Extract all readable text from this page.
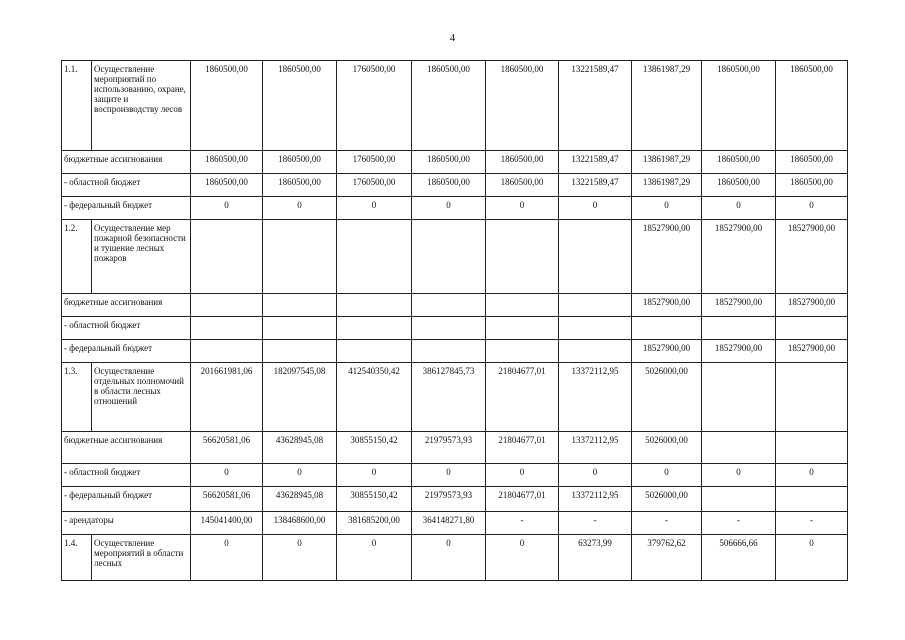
4
1.1.	Осуществление мероприятий по использованию, охране, защите и воспроизводству лесов	1860500,00	1860500,00	1760500,00	1860500,00	1860500,00	13221589,47	13861987,29	1860500,00	1860500,00
бюджетные ассигнования		1860500,00	1860500,00	1760500,00	1860500,00	1860500,00	13221589,47	13861987,29	1860500,00	1860500,00
- областной бюджет		1860500,00	1860500,00	1760500,00	1860500,00	1860500,00	13221589,47	13861987,29	1860500,00	1860500,00
- федеральный бюджет		0	0	0	0	0	0	0	0	0
1.2.	Осуществление мер пожарной безопасности и тушение лесных пожаров							18527900,00	18527900,00	18527900,00
бюджетные ассигнования								18527900,00	18527900,00	18527900,00
- областной бюджет										
- федеральный бюджет								18527900,00	18527900,00	18527900,00
1.3.	Осуществление отдельных полномочий в области лесных отношений	201661981,06	182097545,08	412540350,42	386127845,73	21804677,01	13372112,95	5026000,00		
бюджетные ассигнования		56620581,06	43628945,08	30855150,42	21979573,93	21804677,01	13372112,95	5026000,00		
- областной бюджет		0	0	0	0	0	0	0	0	0
- федеральный бюджет		56620581,06	43628945,08	30855150,42	21979573,93	21804677,01	13372112,95	5026000,00		
- арендаторы		145041400,00	138468600,00	381685200,00	364148271,80	-	-	-	-	-
1.4.	Осуществление мероприятий в области лесных	0	0	0	0	0	63273,99	379762,62	506666,66	0
